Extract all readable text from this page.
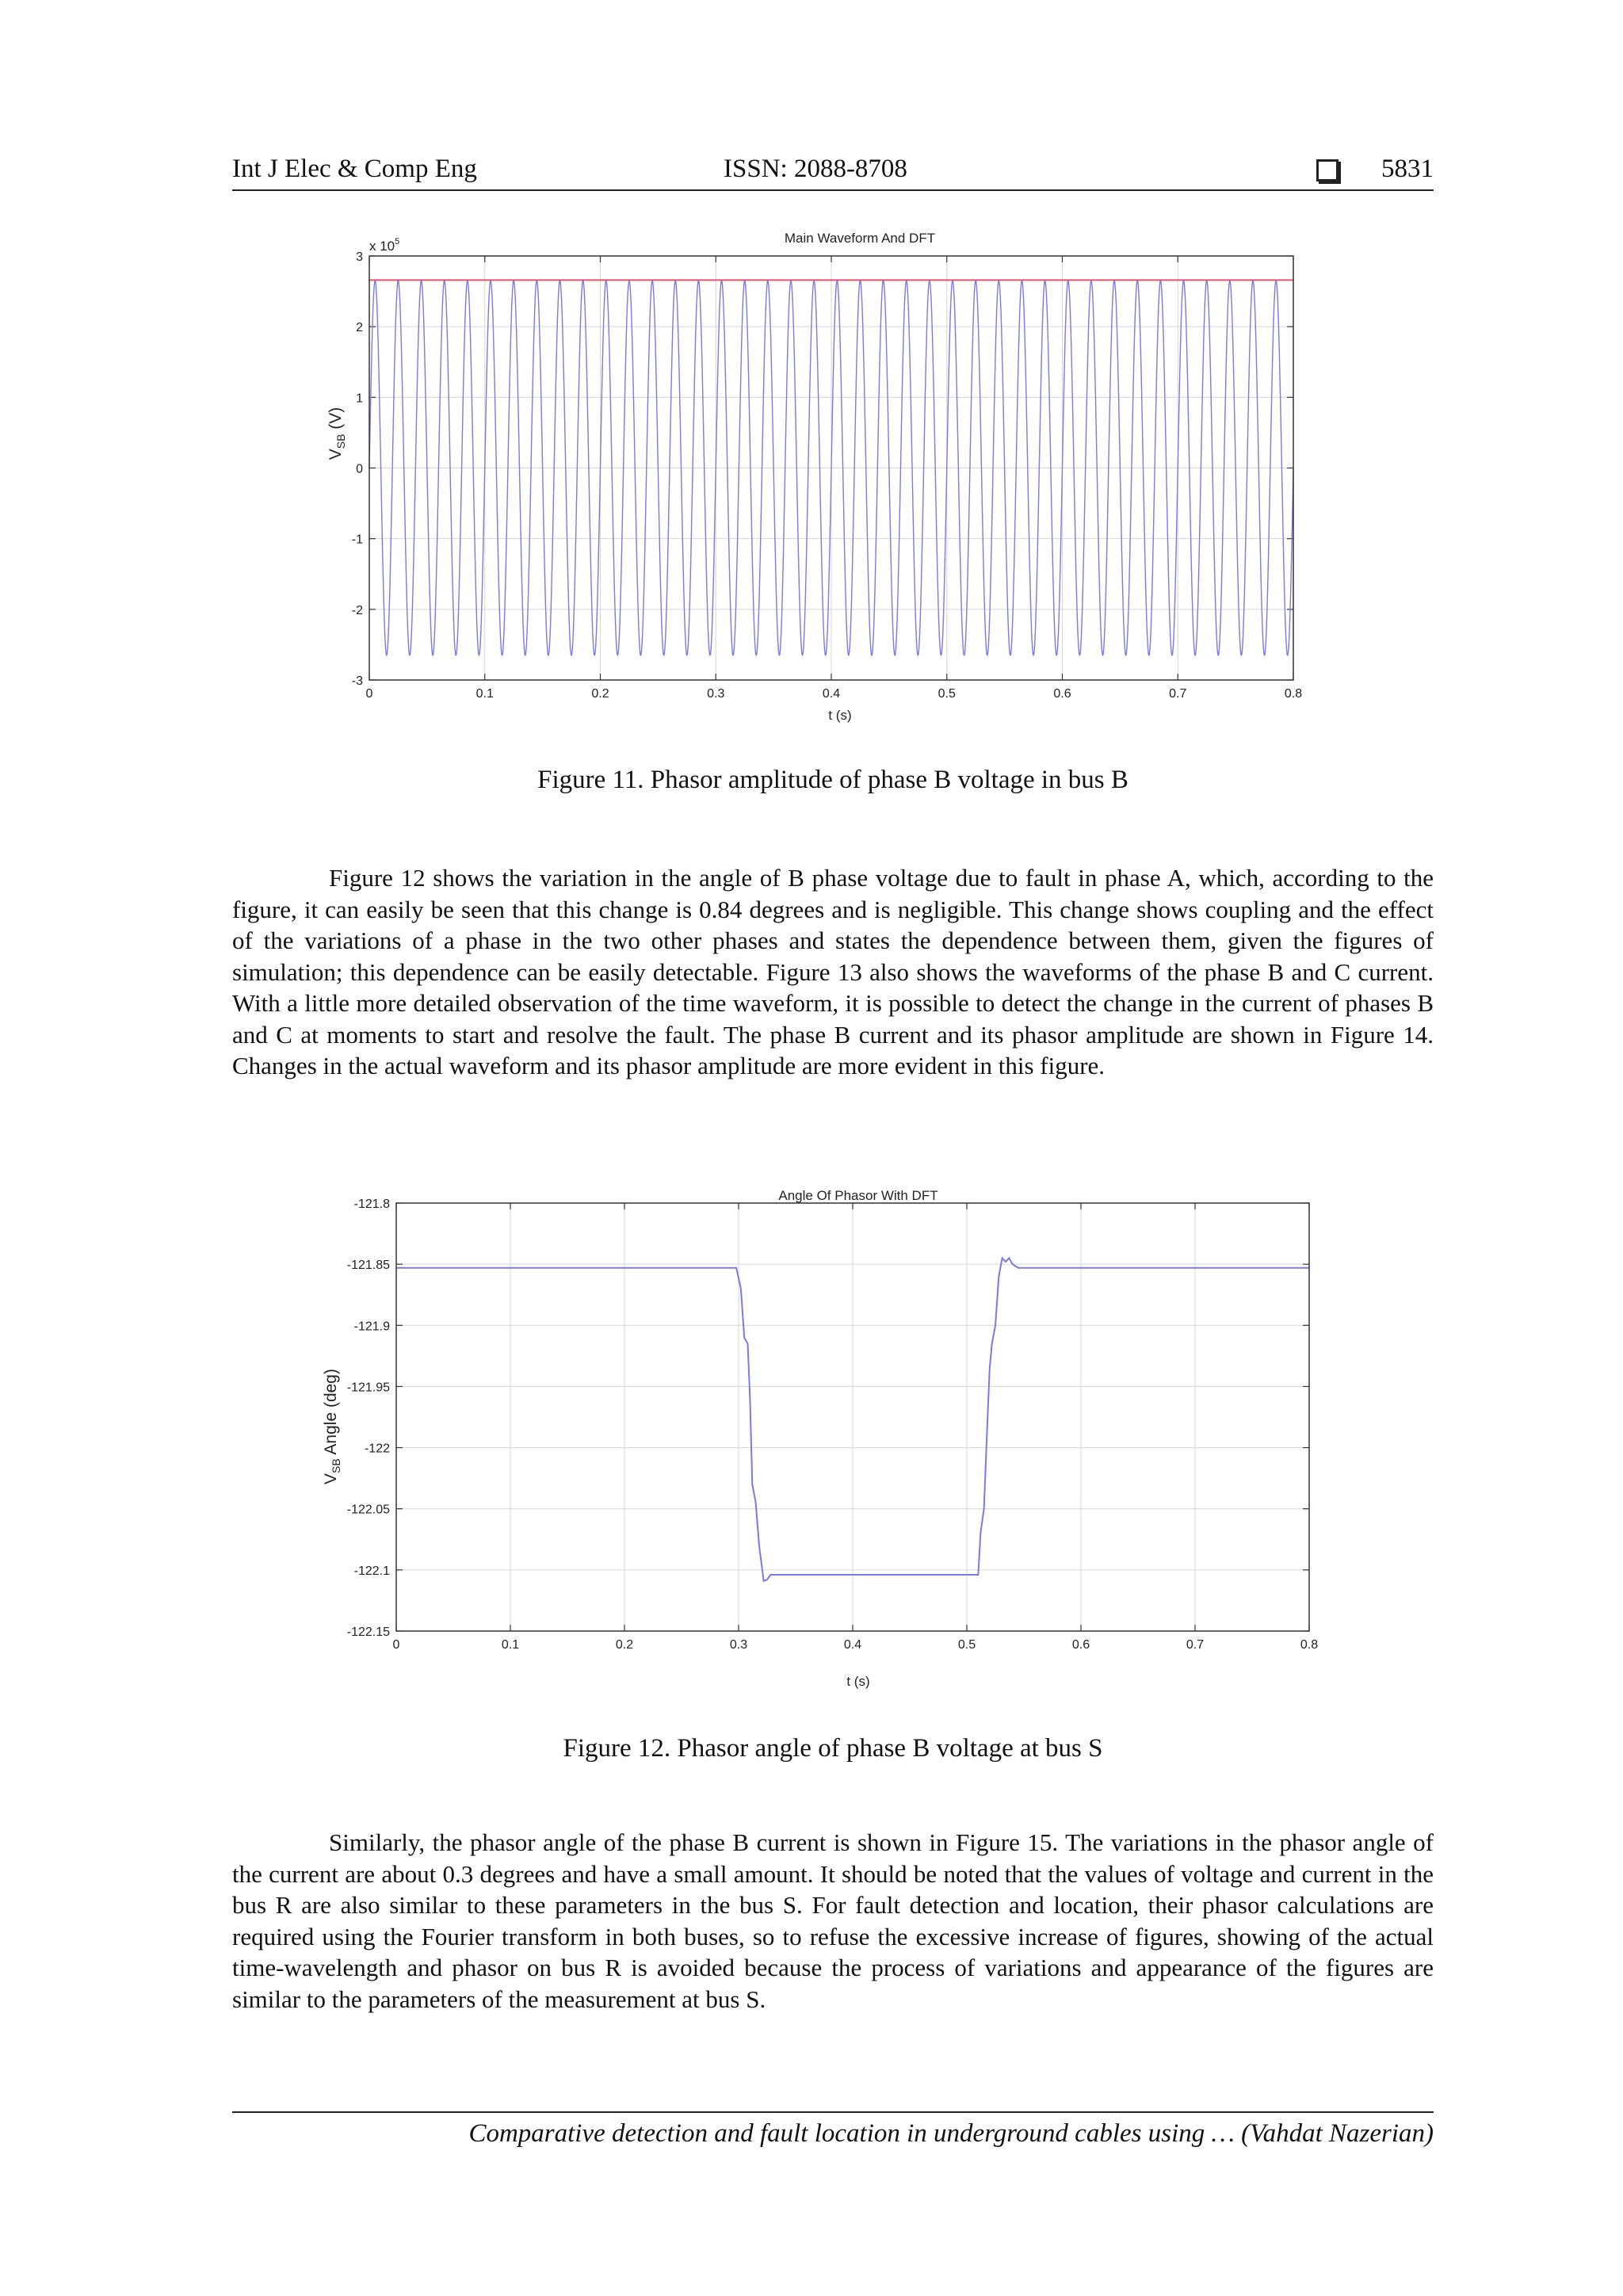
Int J Elec & Comp Eng	ISSN: 2088-8708	5831
Main Waveform And DFT
x $10^5$
$V_{SB}$ (V)
0	0.1	0.2	0.3	0.4	0.5	0.6	0.7	0.8
3
2
1
0
-1
-2
-3
t (s)
Figure 11. Phasor amplitude of phase B voltage in bus B

Figure 12 shows the variation in the angle of B phase voltage due to fault in phase A, which, according to the figure, it can easily be seen that this change is 0.84 degrees and is negligible. This change shows coupling and the effect of the variations of a phase in the two other phases and states the dependence between them, given the figures of simulation; this dependence can be easily detectable. Figure 13 also shows the waveforms of the phase B and C current. With a little more detailed observation of the time waveform, it is possible to detect the change in the current of phases B and C at moments to start and resolve the fault. The phase B current and its phasor amplitude are shown in Figure 14. Changes in the actual waveform and its phasor amplitude are more evident in this figure.

Angle Of Phasor With DFT
$V_{SB}$ Angle (deg)
0	0.1	0.2	0.3	0.4	0.5	0.6	0.7	0.8
-121.8
-121.85
-121.9
-121.95
-122
-122.05
-122.1
-122.15
t (s)
Figure 12. Phasor angle of phase B voltage at bus S

Similarly, the phasor angle of the phase B current is shown in Figure 15. The variations in the phasor angle of the current are about 0.3 degrees and have a small amount. It should be noted that the values of voltage and current in the bus R are also similar to these parameters in the bus S. For fault detection and location, their phasor calculations are required using the Fourier transform in both buses, so to refuse the excessive increase of figures, showing of the actual time-wavelength and phasor on bus R is avoided because the process of variations and appearance of the figures are similar to the parameters of the measurement at bus S.

Comparative detection and fault location in underground cables using … (Vahdat Nazerian)
